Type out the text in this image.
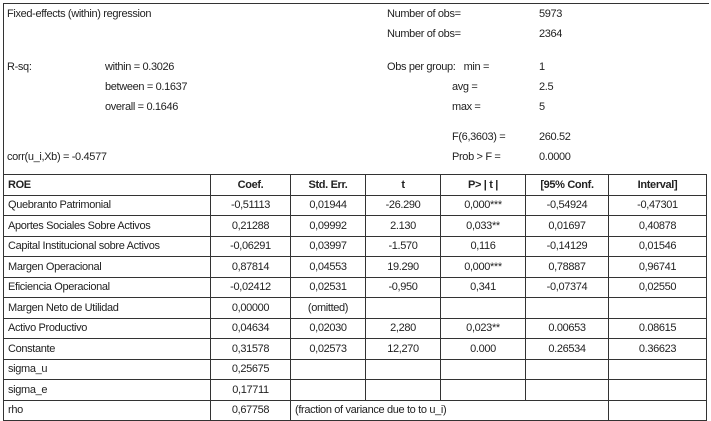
Fixed-effects (within) regression	Number of obs=	5973
Number of obs=	2364
R-sq:	within = 0.3026
between = 0.1637
overall = 0.1646
Obs per group:   min =	1
avg =	2.5
max =	5
F(6,3603) =	260.52
corr(u_i,Xb) = -0.4577	Prob > F =	0.0000
ROE	Coef.	Std. Err.	t	P> | t |	[95% Conf.	Interval]
Quebranto Patrimonial	-0,51113	0,01944	-26.290	0,000***	-0,54924	-0,47301
Aportes Sociales Sobre Activos	0,21288	0,09992	2.130	0,033**	0,01697	0,40878
Capital Institucional sobre Activos	-0,06291	0,03997	-1.570	0,116	-0,14129	0,01546
Margen Operacional	0,87814	0,04553	19.290	0,000***	0,78887	0,96741
Eficiencia Operacional	-0,02412	0,02531	-0,950	0,341	-0,07374	0,02550
Margen Neto de Utilidad	0,00000	(omitted)				
Activo Productivo	0,04634	0,02030	2,280	0,023**	0.00653	0.08615
Constante	0,31578	0,02573	12,270	0.000	0.26534	0.36623
sigma_u	0,25675					
sigma_e	0,17711					
rho	0,67758	(fraction of variance due to to u_i)				
